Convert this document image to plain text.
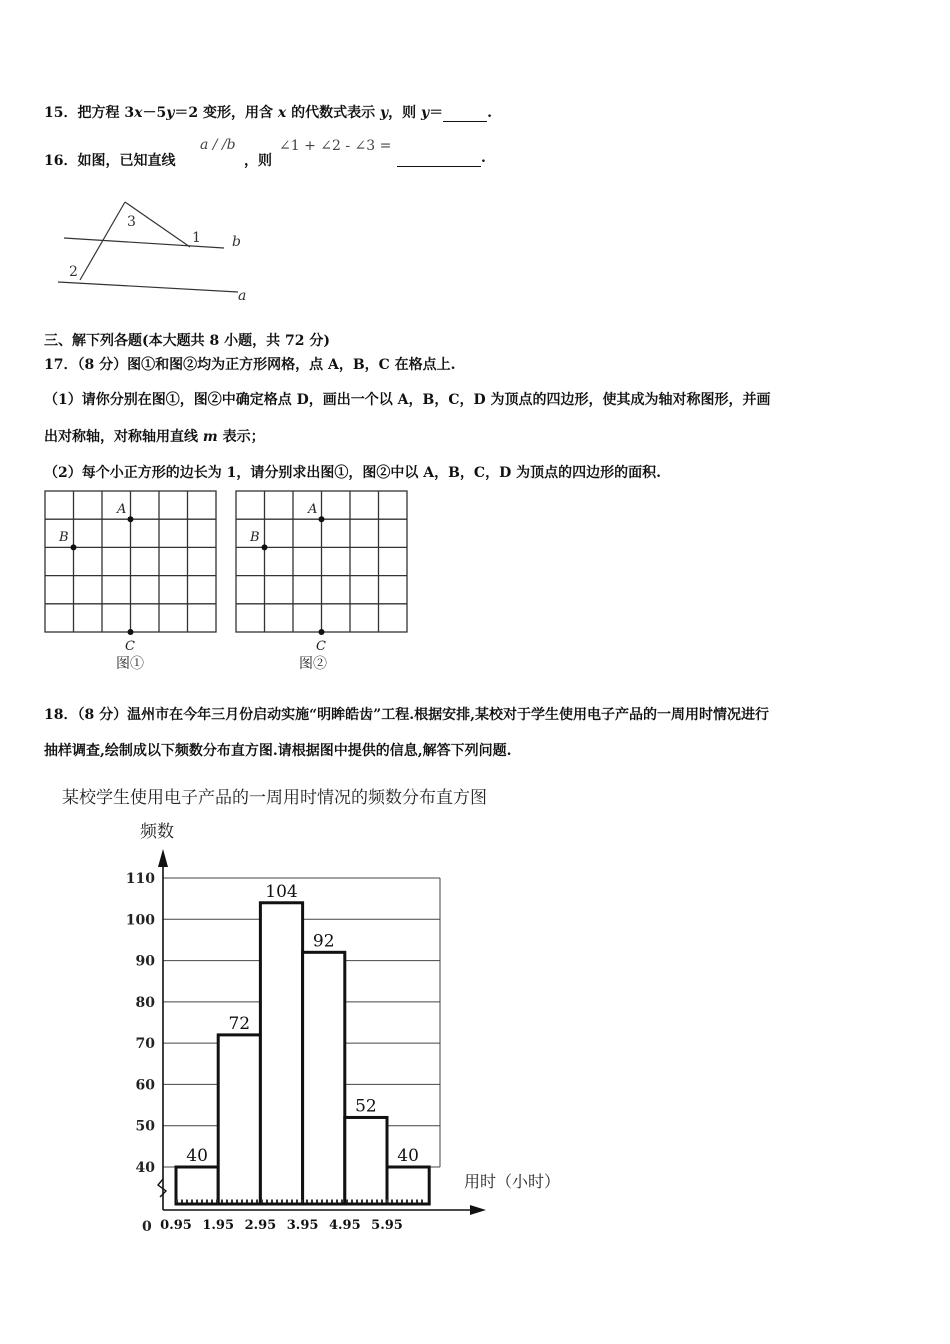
15．把方程 3x－5y＝2 变形，用含 x 的代数式表示 y，则 y＝	.
16．如图，已知直线
a / /b
，则
∠1 + ∠2 - ∠3 =
.
3
1
2
b
a
三、解下列各题(本大题共 8 小题，共 72 分)
17．（8 分）图①和图②均为正方形网格，点 A，B，C 在格点上.
（1）请你分别在图①，图②中确定格点 D，画出一个以 A，B，C，D 为顶点的四边形，使其成为轴对称图形，并画
出对称轴，对称轴用直线 m 表示；
（2）每个小正方形的边长为 1，请分别求出图①，图②中以 A，B，C，D 为顶点的四边形的面积.
A
B
C
图①
A
B
C
图②
18．（8 分）温州市在今年三月份启动实施“明眸皓齿”工程.根据安排,某校对于学生使用电子产品的一周用时情况进行
抽样调查,绘制成以下频数分布直方图.请根据图中提供的信息,解答下列问题.
某校学生使用电子产品的一周用时情况的频数分布直方图
频数
用时（小时）
0
40
50
60
70
80
90
100
110
40
72
104
92
52
40
0.95 1.95 2.95 3.95 4.95 5.95
